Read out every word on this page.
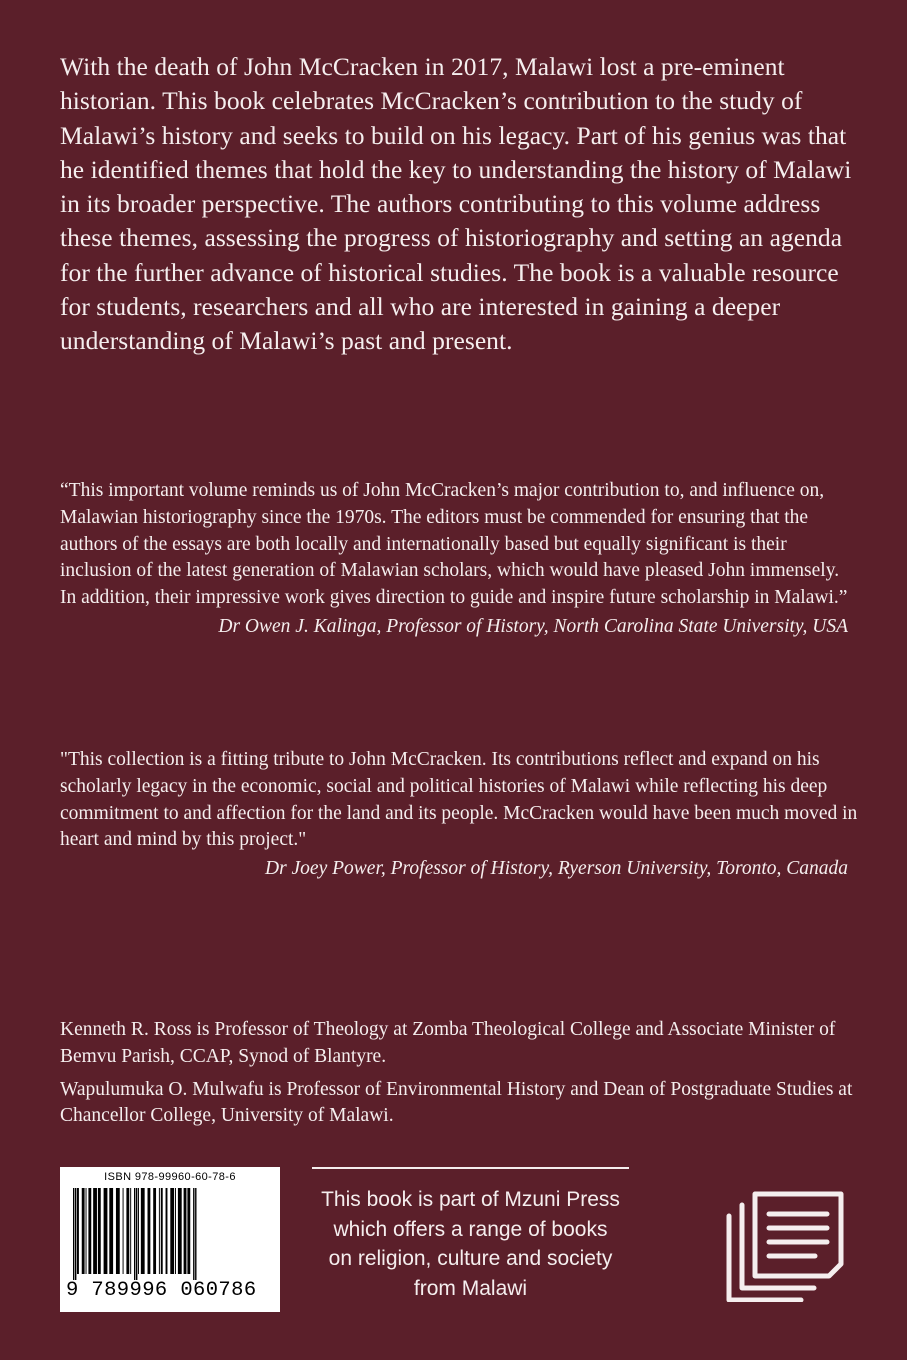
With the death of John McCracken in 2017, Malawi lost a pre-eminent historian. This book celebrates McCracken’s contribution to the study of Malawi’s history and seeks to build on his legacy. Part of his genius was that he identified themes that hold the key to understanding the history of Malawi in its broader perspective. The authors contributing to this volume address these themes, assessing the progress of historiography and setting an agenda for the further advance of historical studies. The book is a valuable resource for students, researchers and all who are interested in gaining a deeper understanding of Malawi’s past and present.
“This important volume reminds us of John McCracken’s major contribution to, and influence on, Malawian historiography since the 1970s. The editors must be commended for ensuring that the authors of the essays are both locally and internationally based but equally significant is their inclusion of the latest generation of Malawian scholars, which would have pleased John immensely. In addition, their impressive work gives direction to guide and inspire future scholarship in Malawi.”
Dr Owen J. Kalinga, Professor of History, North Carolina State University, USA
"This collection is a fitting tribute to John McCracken. Its contributions reflect and expand on his scholarly legacy in the economic, social and political histories of Malawi while reflecting his deep commitment to and affection for the land and its people. McCracken would have been much moved in heart and mind by this project."
Dr Joey Power, Professor of History, Ryerson University, Toronto, Canada

Kenneth R. Ross is Professor of Theology at Zomba Theological College and Associate Minister of Bemvu Parish, CCAP, Synod of Blantyre.

Wapulumuka O. Mulwafu is Professor of Environmental History and Dean of Postgraduate Studies at Chancellor College, University of Malawi.

ISBN 978-99960-60-78-6
9 789996 060786
This book is part of Mzuni Press
which offers a range of books
on religion, culture and society
from Malawi
